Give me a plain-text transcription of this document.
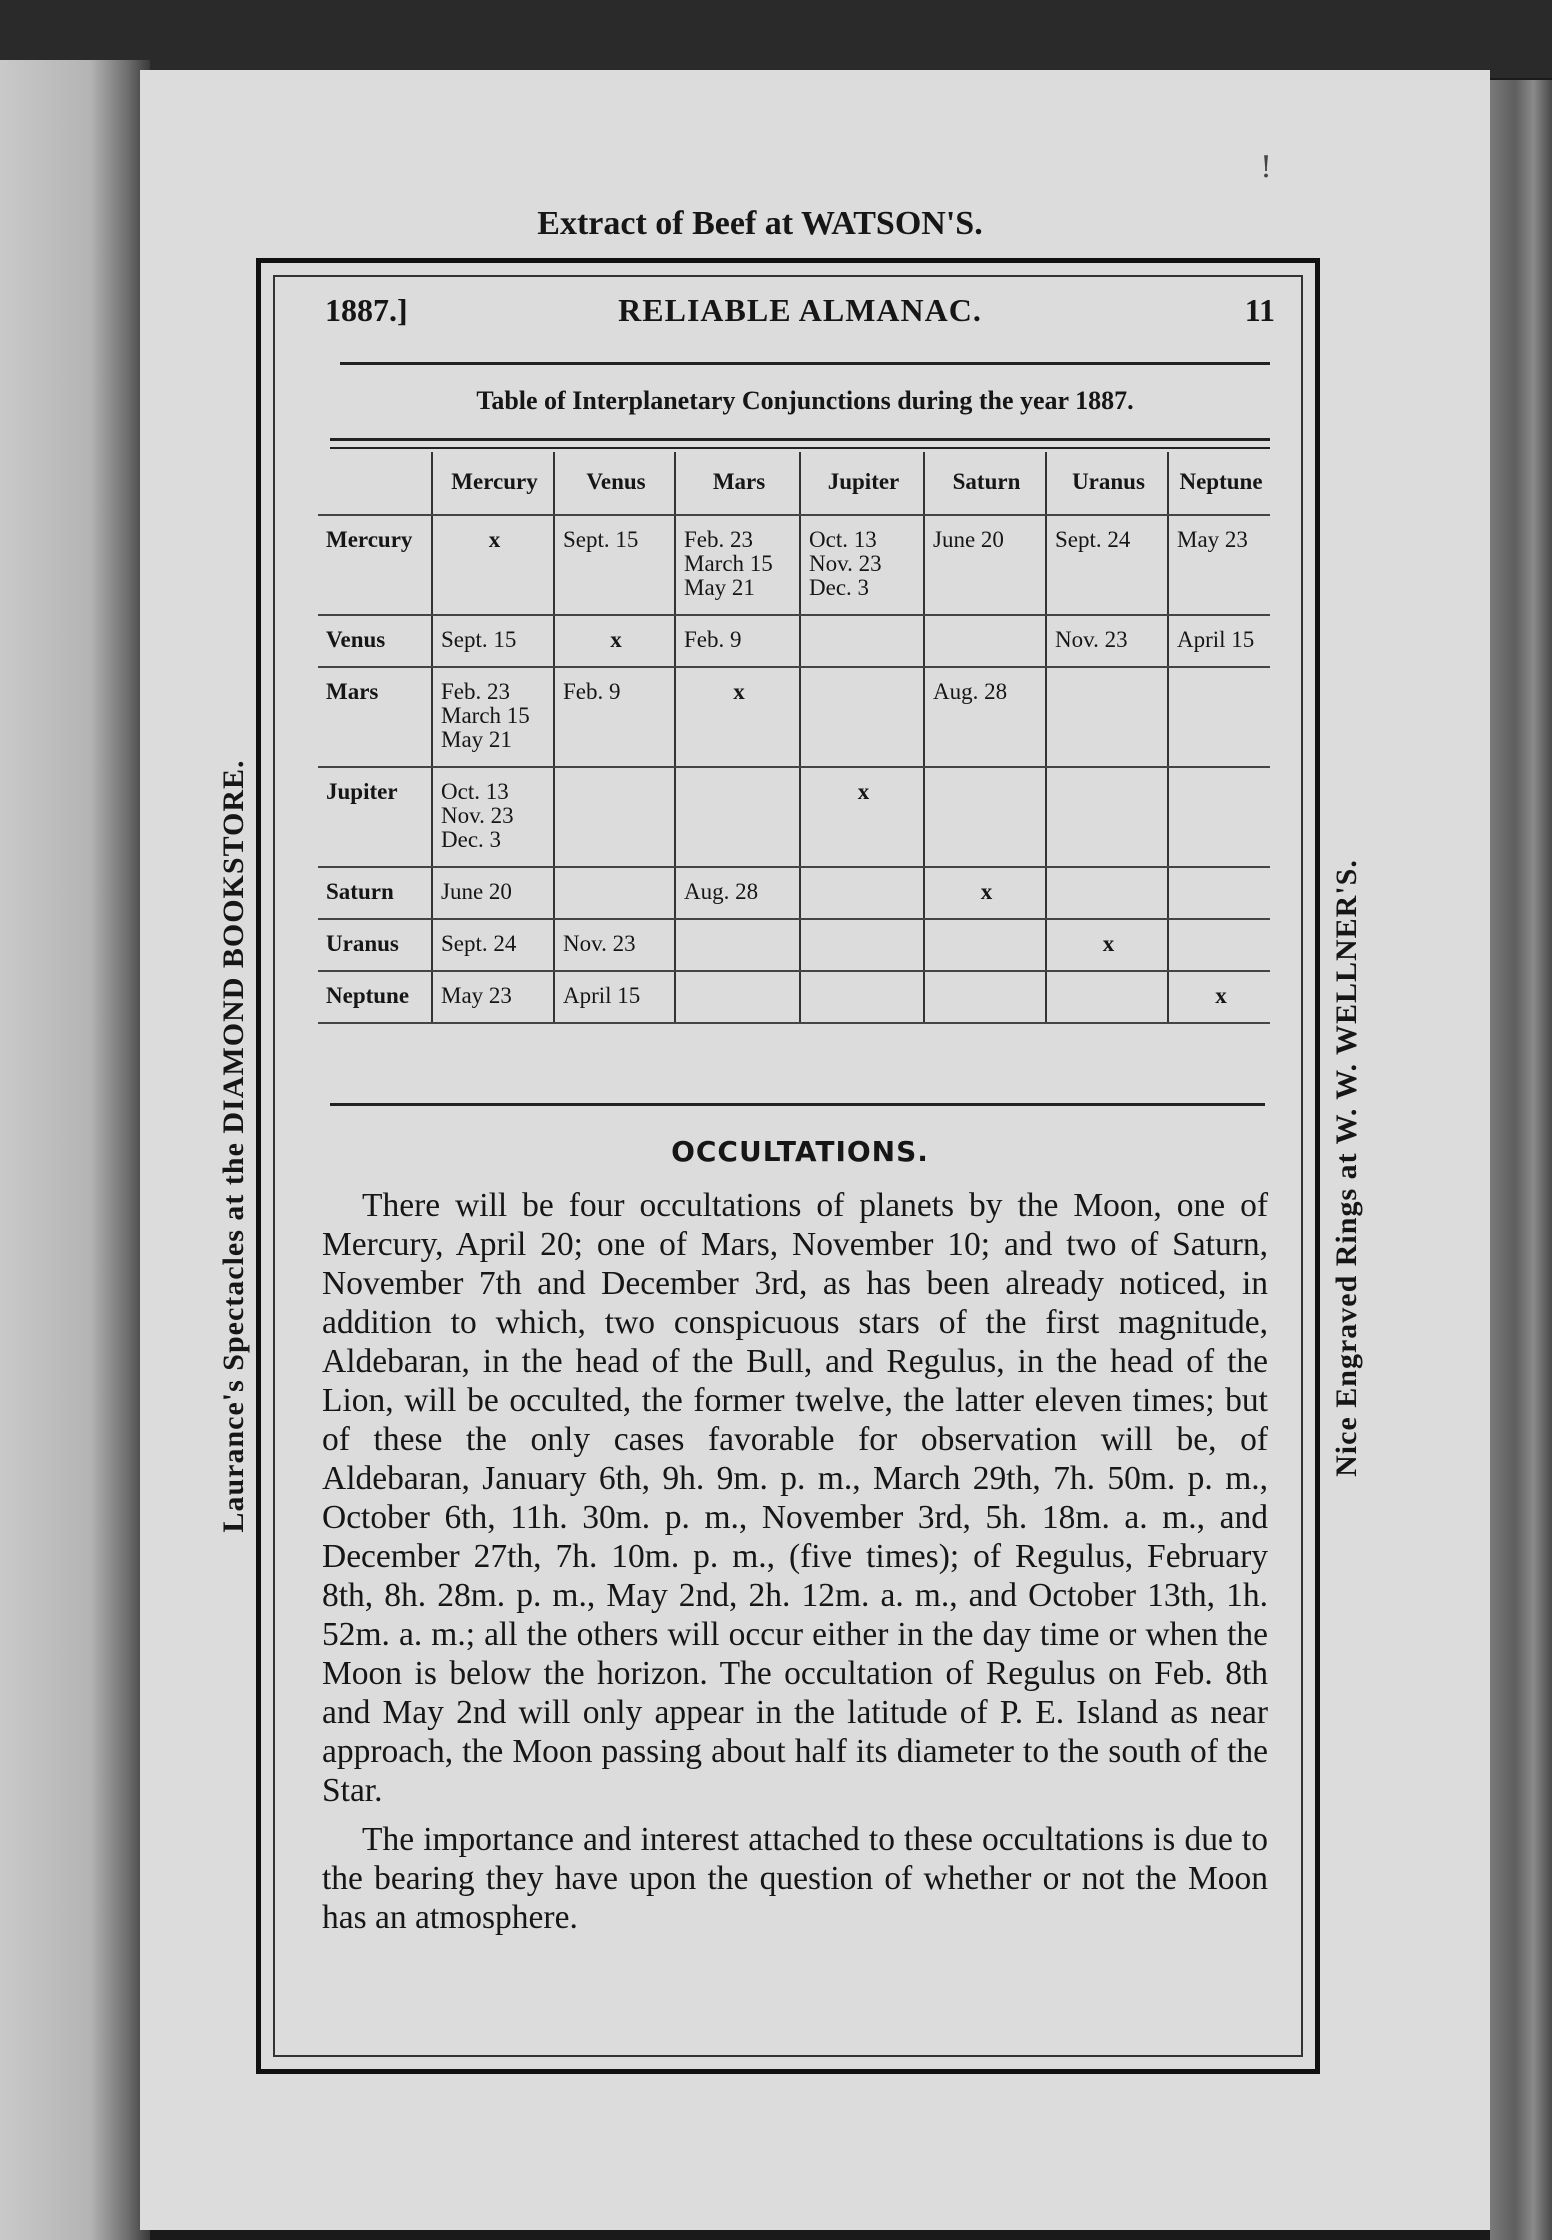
!
Extract of Beef at WATSON'S.
Laurance's Spectacles at the DIAMOND BOOKSTORE.	Nice Engraved Rings at W. W. WELLNER'S.
1887.]	RELIABLE ALMANAC.	11
Table of Interplanetary Conjunctions during the year 1887.
	Mercury	Venus	Mars	Jupiter	Saturn	Uranus	Neptune
Mercury	x	Sept. 15	Feb. 23
March 15
May 21	Oct. 13
Nov. 23
Dec. 3	June 20	Sept. 24	May 23
Venus	Sept. 15	x	Feb. 9			Nov. 23	April 15
Mars	Feb. 23
March 15
May 21	Feb. 9	x		Aug. 28		
Jupiter	Oct. 13
Nov. 23
Dec. 3			x			
Saturn	June 20		Aug. 28		x		
Uranus	Sept. 24	Nov. 23				x	
Neptune	May 23	April 15					x
OCCULTATIONS.

There will be four occultations of planets by the Moon, one of Mercury, April 20; one of Mars, November 10; and two of Saturn, November 7th and December 3rd, as has been already noticed, in addition to which, two conspicuous stars of the first magnitude, Aldebaran, in the head of the Bull, and Regulus, in the head of the Lion, will be occulted, the former twelve, the latter eleven times; but of these the only cases favorable for observation will be, of Aldebaran, January 6th, 9h. 9m. p. m., March 29th, 7h. 50m. p. m., October 6th, 11h. 30m. p. m., November 3rd, 5h. 18m. a. m., and December 27th, 7h. 10m. p. m., (five times); of Regulus, February 8th, 8h. 28m. p. m., May 2nd, 2h. 12m. a. m., and October 13th, 1h. 52m. a. m.; all the others will occur either in the day time or when the Moon is below the horizon. The occultation of Regulus on Feb. 8th and May 2nd will only appear in the latitude of P. E. Island as near approach, the Moon passing about half its diameter to the south of the Star.

The importance and interest attached to these occultations is due to the bearing they have upon the question of whether or not the Moon has an atmosphere.
